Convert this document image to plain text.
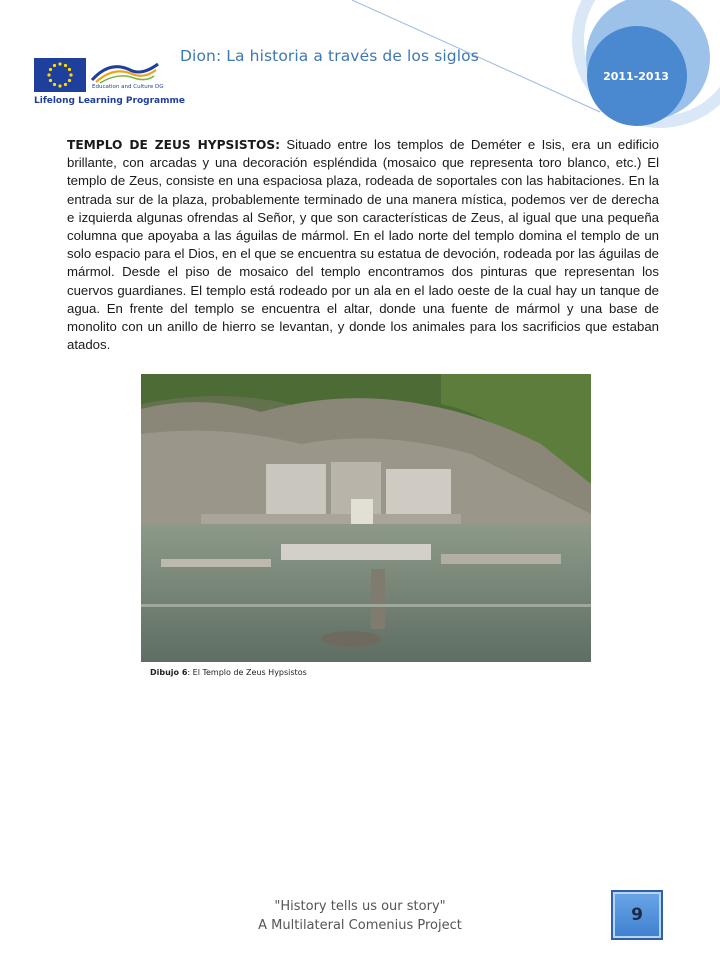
Dion: La historia a través de los siglos
2011-2013
Education and Culture DG
Lifelong Learning Programme

TEMPLO DE ZEUS HYPSISTOS: Situado entre los templos de Deméter e Isis, era un edificio brillante, con arcadas y una decoración espléndida (mosaico que representa toro blanco, etc.) El templo de Zeus, consiste en una espaciosa plaza, rodeada de soportales con las habitaciones. En la entrada sur de la plaza, probablemente terminado de una manera mística, podemos ver de derecha e izquierda algunas ofrendas al Señor, y que son características de Zeus, al igual que una pequeña columna que apoyaba a las águilas de mármol. En el lado norte del templo domina el templo de un solo espacio para el Dios, en el que se encuentra su estatua de devoción, rodeada por las águilas de mármol. Desde el piso de mosaico del templo encontramos dos pinturas que representan los cuervos guardianes. El templo está rodeado por un ala en el lado oeste de la cual hay un tanque de agua. En frente del templo se encuentra el altar, donde una fuente de mármol y una base de monolito con un anillo de hierro se levantan, y donde los animales para los sacrificios que estaban atados.

Dibujo 6: El Templo de Zeus Hypsistos
"History tells us our story"
A Multilateral Comenius Project
9
